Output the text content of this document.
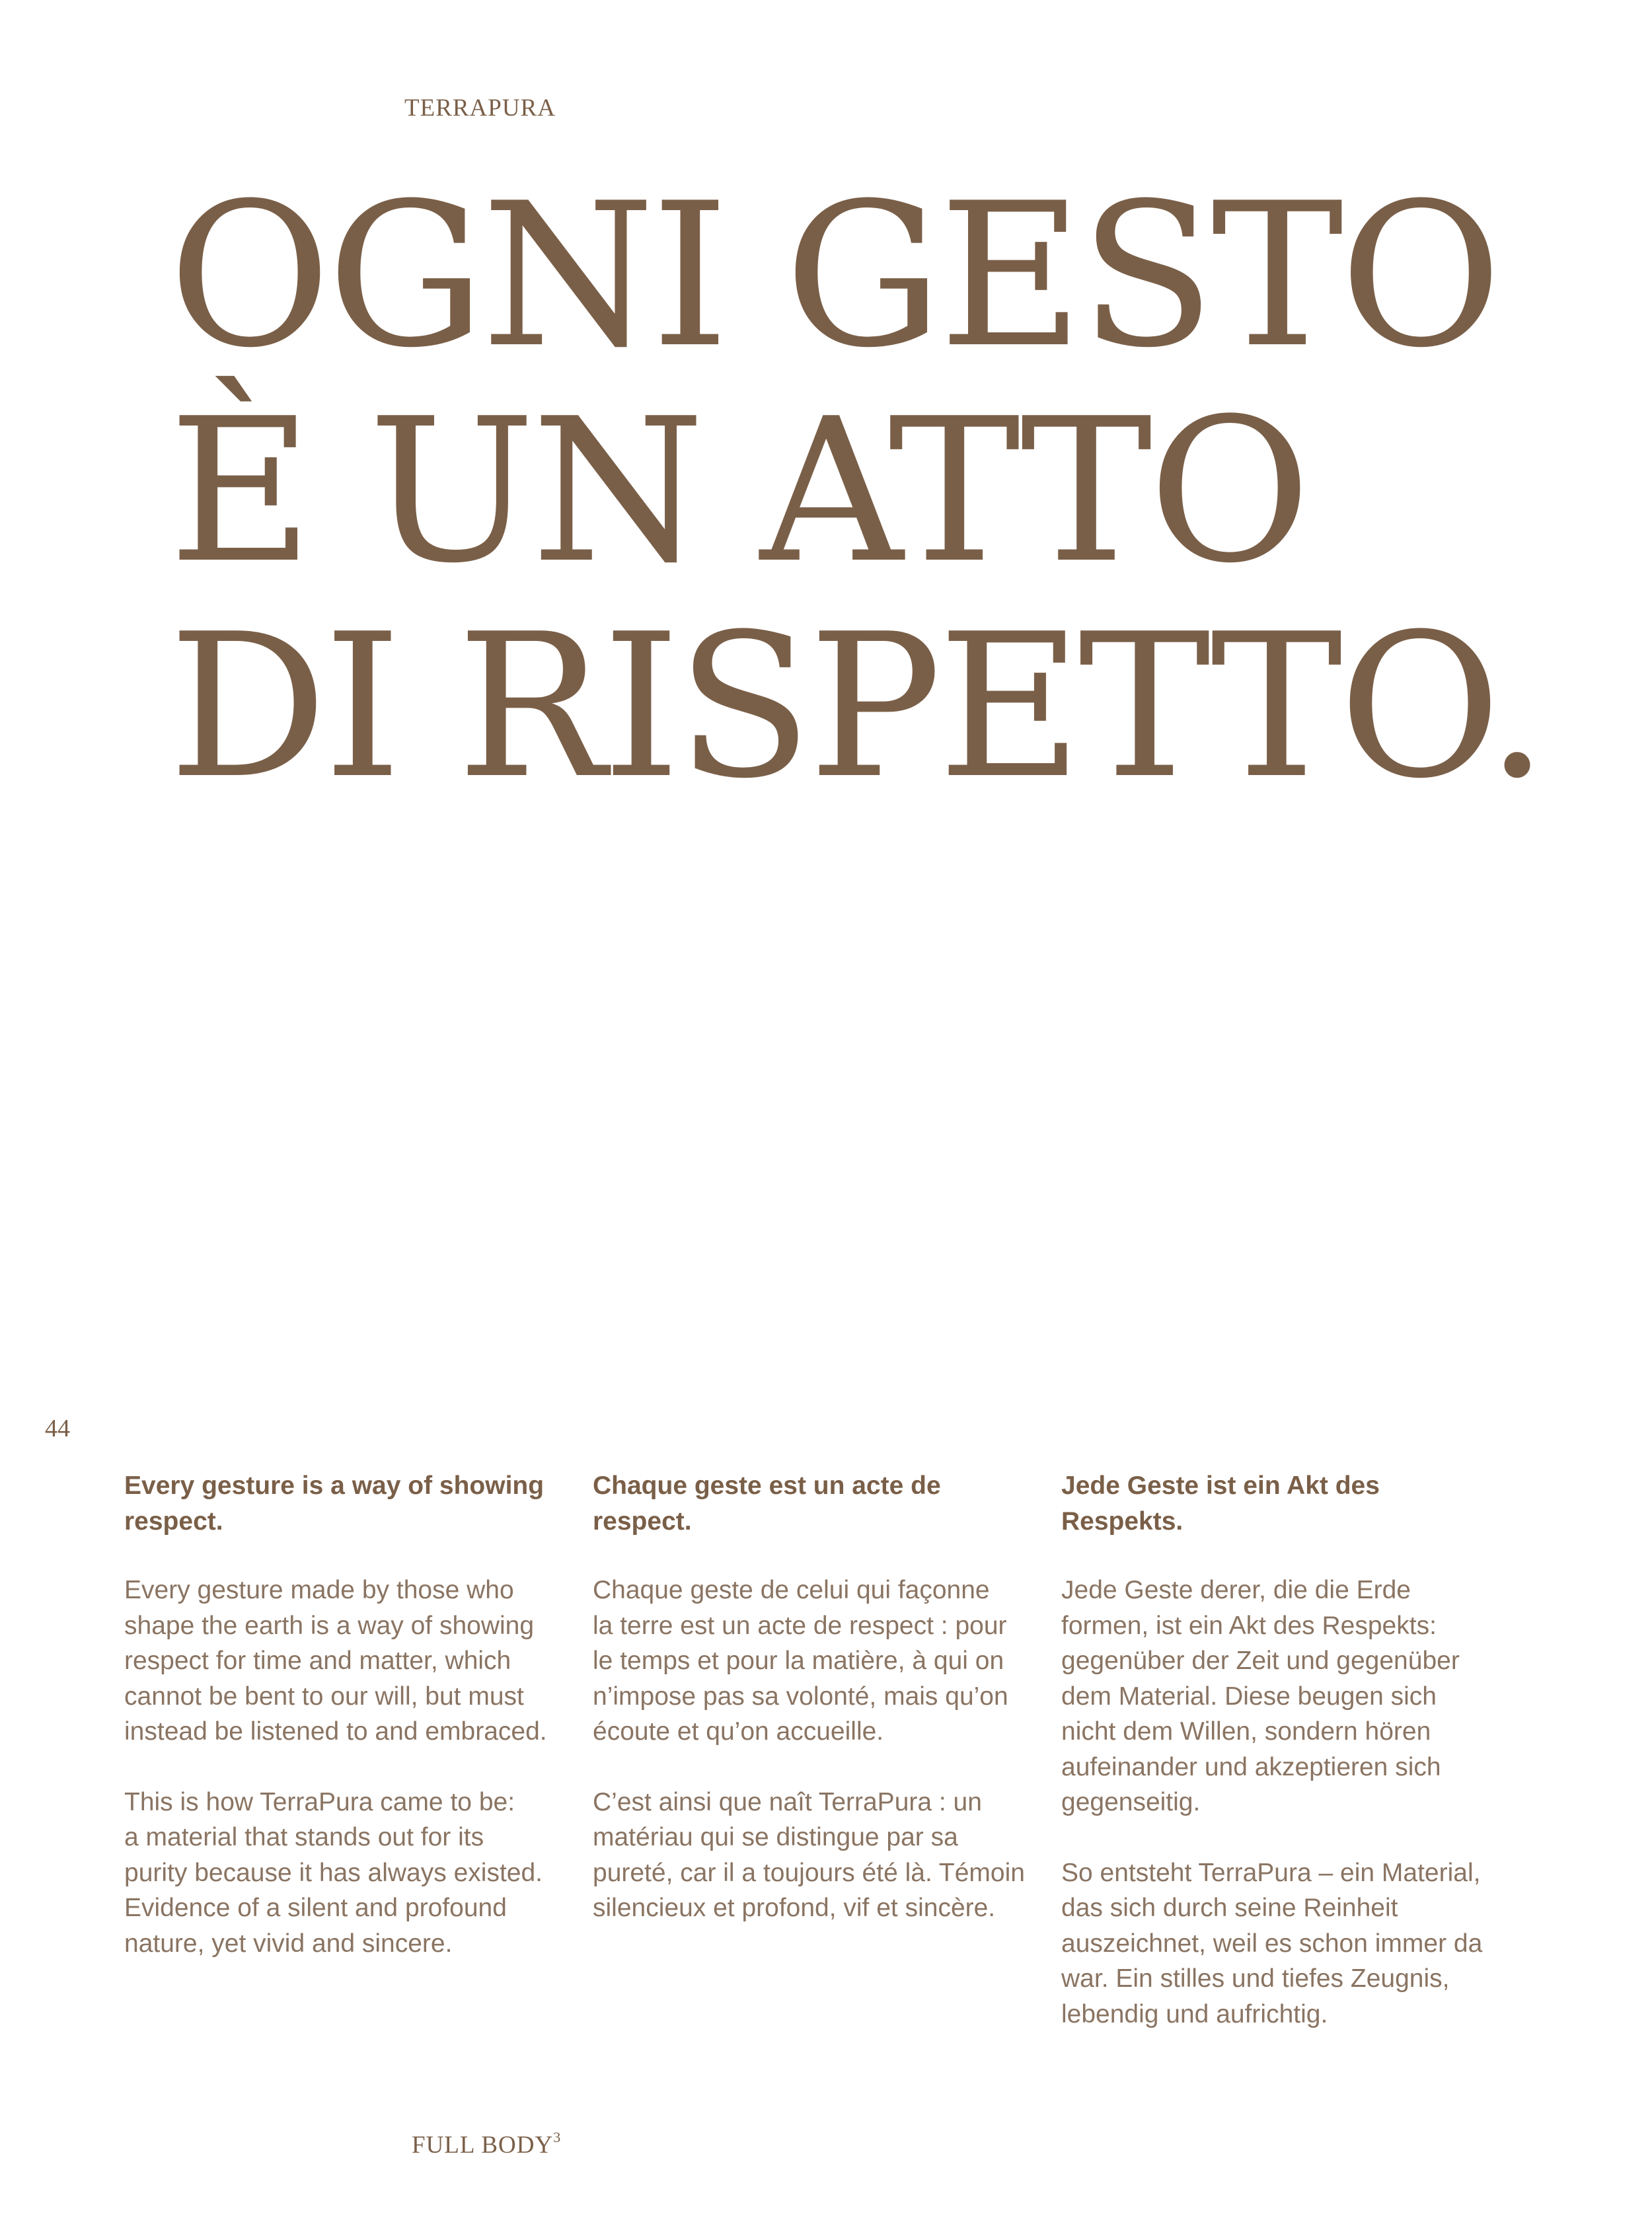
TERRAPURA
OGNI GESTO
È UN ATTO
DI RISPETTO.
44
Every gesture is a way of showing respect.
Every gesture made by those who
shape the earth is a way of showing
respect for time and matter, which
cannot be bent to our will, but must
instead be listened to and embraced.
This is how TerraPura came to be:
a material that stands out for its
purity because it has always existed.
Evidence of a silent and profound
nature, yet vivid and sincere.
Chaque geste est un acte de respect.
Chaque geste de celui qui façonne
la terre est un acte de respect : pour
le temps et pour la matière, à qui on
n’impose pas sa volonté, mais qu’on
écoute et qu’on accueille.
C’est ainsi que naît TerraPura : un
matériau qui se distingue par sa
pureté, car il a toujours été là. Témoin
silencieux et profond, vif et sincère.
Jede Geste ist ein Akt des Respekts.
Jede Geste derer, die die Erde
formen, ist ein Akt des Respekts:
gegenüber der Zeit und gegenüber
dem Material. Diese beugen sich
nicht dem Willen, sondern hören
aufeinander und akzeptieren sich
gegenseitig.
So entsteht TerraPura – ein Material,
das sich durch seine Reinheit
auszeichnet, weil es schon immer da
war. Ein stilles und tiefes Zeugnis,
lebendig und aufrichtig.
FULL BODY$^3$
